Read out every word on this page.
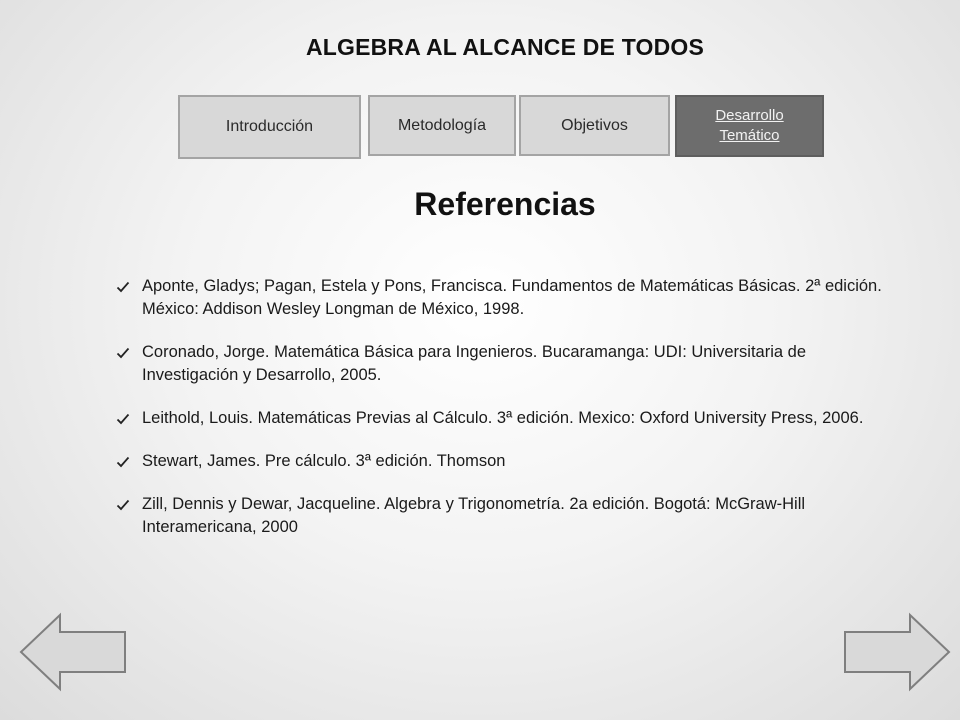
ALGEBRA AL ALCANCE DE TODOS
Introducción	Metodología	Objetivos
Desarrollo
Temático
Referencias
Aponte, Gladys; Pagan, Estela y Pons, Francisca. Fundamentos de Matemáticas Básicas. 2ª edición. México: Addison Wesley Longman de México, 1998.
Coronado, Jorge. Matemática Básica para Ingenieros. Bucaramanga: UDI: Universitaria de Investigación y Desarrollo, 2005.
Leithold, Louis. Matemáticas Previas al Cálculo. 3ª edición. Mexico: Oxford University Press, 2006.
Stewart, James. Pre cálculo. 3ª edición. Thomson
Zill, Dennis y Dewar, Jacqueline. Algebra y Trigonometría. 2a edición. Bogotá: McGraw-Hill Interamericana, 2000
